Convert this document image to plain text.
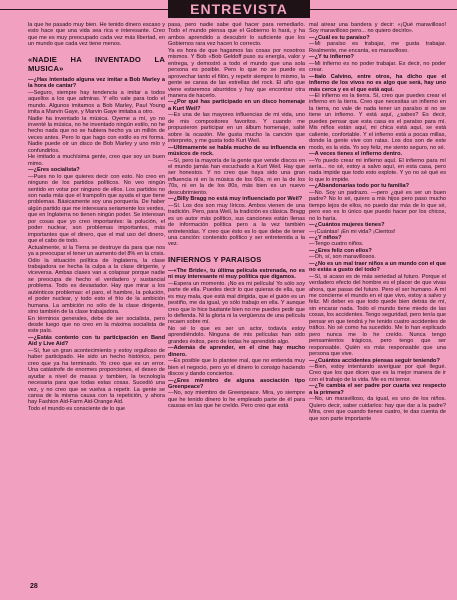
ENTREVISTA

la que he pasado muy bien. He tenido dinero escaso y esto hace que una vida sea rica e interesante. Creo que me es muy preocupado cada vez más libertad, en un mundo que cada vez tiene menos.

«NADIE HA INVENTADO LA MUSICA»

—¿Has intentado alguna vez imitar a Bob Marley a la hora de cantar?

—Seguro, siempre hay tendencia a imitar a todos aquellos a los que admiras. Y ello vale para todo el mundo. Algunos imitamos a Bob Marley, Paul Young imita a Marvin Gaye, y Marvin Gaye imitaba a otro.

Nadie ha inventado la música. Oyeme a mí, yo no inventé la música, no he inventado ningún estilo, no he hecho nada que no se hubiera hecho ya un millón de veces antes. Pero lo que hago con estilo es mi forma. Nadie puede oír un disco de Bob Marley y uno mío y confundirlos.

He imitado a muchísima gente, creo que soy un buen mimo.

—¿Eres socialista?

—Pues no lo que quieres decir con esto. No creo en ninguno de los partidos políticos. No veo ningún sentido en votar por ninguno de ellos. Los partidos no son nada más que el trampolín que ayuda el que tiene problemas. Básicamente soy una porquería. De haber algún partido que me interesara seriamente los verdes, que en Inglaterra no tienen ningún poder. Se interesan por cosas que yo creo importantes: la polución, el poder nuclear, son problemas importantes, más importantes que el dinero, que el mal uso del dinero, que el cabo de todo.

Actualmente, si la Tierra se destruye da para que nos ya a preocupar el tener un aumento del 8% en la crisis. Odio la situación política de Inglaterra, la clase trabajadora se hecha la culpa a la clase dirigente, y viceversa. Ambas clases van a colapsar porque nadie se preocupa de hecho el verdadero y sustancial problema. Todo es devastador. Hay que mirar a los auténticos problemas: el paro, el hambre, la polución, el poder nuclear, y todo esto el frío de la ambición humana. La ambición no sólo de la clase dirigente, sino también de la clase trabajadora.

En términos generales, debe de ser socialista, pero desde luego que no creo en la máxima socialista de este país.

—¿Estás contento con tu participación en Band Aid y Live Aid?

—Sí, fue un gran acontecimiento y estoy orgulloso de haber participado. He sido un hecho histórico, pero creo que ya ha terminado. Yo creo que es un error. Una catástrofe de enormes proporciones, el deseo de ayudar a nivel de masas y tambien, la tecnología necesaria para que todas estas cosas. Sucedió una vez, y no creo que se vuelva a repetir. La gente se cansa de la misma causa con la repetición, y ahora hay Fashion Aid-Farm Aid-Orange Aid.

Todo el mundo es consciente de lo que

pasa, pero nadie sabe qué hacer para remediarlo. Todo el mundo piensa que el Gobierno lo hará, y ha ambos aprendido a descubrir lo suficiente que los Gobiernos rara vez hacen lo correcto.

Ya es hora de que hagamos las cosas por nosotros mismos. Y Bob «Bob Geldoff puso su energía, valor y entrega, y demostró a todo el mundo que una sola persona es posible. Pero lo que no se puede es aprovechar tanto el filón, y repetir siempre lo mismo, la gente se cansa de las estrellas del rock. El año que viene estaremos aburridos y hay que encontrar otra manera de hacerlo.

—¿Por qué has participado en un disco homenaje a Kurt Weil?

—Es una de las mayores influencias de mi vida, uno de mis compositores favoritos. Y cuando me propusieron participar en un álbum homenaje, salté sobre la ocasión. Me gusta mucho la canción que interpreto, y me gusta todo Kurt Weil.

—Ultimamente se habla mucho de su influencia en músicos de rock.

—Sí, pero la mayoría de la gente que vende discos en el mundo jamás han escuchado a Kurt Weil. Hay que ser honestos. Y no creo que haya sido una gran influencia ni en la música de los 60s, ni en la de los 70s, ni en la de los 80s, más bien es un nuevo descubrimiento.

—¿Billy Bragg no está muy influenciado por Weil?

—Sí. Los dos son muy líricos. Ambos vienen de una tradición. Pero, para Weil, la tradición es clásica. Bragg es un autor más político, sus canciones están llenas de información política pero a la vez también entretenidas. Y creo que ésto es lo que debe de tener una canción: contenido político y ser entretenida a la vez.

INFIERNOS Y PARAISOS

—«The Bride», tu última película estrenada, no es ni muy interesante ni muy política que digamos.

—Espera un momento. ¡No es mi película! Yo sólo soy parte de ella. Puedes decir lo que quieras de ella, que es muy mala, que está mal dirigida, que el guión es un pestiño, me da igual, yo sólo trabajo en ella. Y aunque creo que lo hice bastante bien no me puedes pedir que lo defienda. Ni la gloria ni la vergüenza de una película recaen sobre mí.

No sé lo que es ser un actor, todavía estoy aprendiéndolo. Ninguna de mis películas han sido grandes éxitos, pero de todas he aprendido algo.

—Además de aprender, en el cine hay mucho dinero.

—Es posible que lo plantee mal, que no entienda muy bien el negocio, pero yo el dinero lo consigo haciendo discos y dando conciertos.

—¿Eres miembro de alguna asociación tipo Greenpeace?

—No, soy miembro de Greenpeace. Mira, yo siempre que he tenido dinero lo he empleado parte de él para causas en las que he creído. Pero creo que está

mal airear una bandera y decir: «¡Qué maravilloso! Soy maravilloso pero... no quiero decirlo».

—¿Cuál es tu paraíso?

—Mi paraíso es trabajar, me gusta trabajar. Realmente, me encanta, es maravilloso.

—¿Y tu infierno?

—Mi infierno es no poder trabajar. Es decir, no poder crear.

—Italo Calvino, entre otros, ha dicho que el infierno de los vivos no es algo que será, hay uno más cerca y es el que está aquí.

—El infierno es la tierra. Sí, creo que puedes crear el infierno en la tierra. Creo que necesitas un infierno en la tierra, no vale de nada tener un paraíso si no se tiene un infierno. Y está aquí, ¿sabes? Es decir, puedes pensar que esta casa es el paraíso para mí. Mis niños están aquí, mi chica está aquí, se está caliente, confortable. Y el infierno está a pocas millas, donde la gente vive con ratas. Los dos son de este modo, es la vida. Yo soy feliz, me siento seguro, no sé.

—A veces tienes el infierno dentro.

—Yo puedo crear mi infierno aquí. El infierno para mí sería... no sé, estoy a salvo aquí, en esta casa, pero nada impide que todo esto explote. Y yo no sé qué es lo que lo impide.

—¿Abandonarías todo por tu familia?

—No. Soy un padrazo. —pero ¿qué es ser un buen padre? No lo sé, quiero a mis hijos pero paso mucho tiempo lejos de ellos, no puedo dar más de lo que sé, pero eso es lo único que puedo hacer por los chicos, no lo haría.

—¿Cuántos mujeres tienes?

—¡Cuántas! ¡En mi vida? ¡Cientos!

—¿Y niños?

—Tengo cuatro niños.

—¿Eres feliz con ellos?

—Oh, sí, son maravillosos.

—¿No es un mal traer niños a un mundo con el que no estás a gusto del todo?

—Sí, si acaso es de más seriedad al futuro. Porque el verdadero efecto del hombre es el placer de que vivas ahora, que pasas del futuro. Pero el ser humano. A mí me concierne el mundo en el que vivo, estoy a salvo y feliz. Mi deber es que todo quede bien detrás de mí, sin encarar nada. Todo el mundo tiene miedo de las cosas, los accidentes. Tengo seguridad, pero tenía que pensar en que tendrá y he tenido cuatro accidentes de tráfico. No sé como ha sucedido. Me lo han explicado pero nunca me lo he creído. Nunca tengo pensamientos trágicos, pero tengo que ser responsable. Quién es más responsable que una persona que vive.

—¿Cuántos accidentes piensas seguir teniendo?

—Bien, estoy intentando averiguar por qué llegué. Creo que los que dicen que es la mejor manera de ir con el trabajo de la vida. Me es mi temor.

—¿Te cambia el ser padre por cuarta vez respecto a la primera?

—No, un maravilloso, da igual, es uno de los niños. Quiero decir, saber cuidarlos: hay que dar a la padre? Mira, creo que cuando tienes cuatro, te das cuenta de que son parte importante

28
